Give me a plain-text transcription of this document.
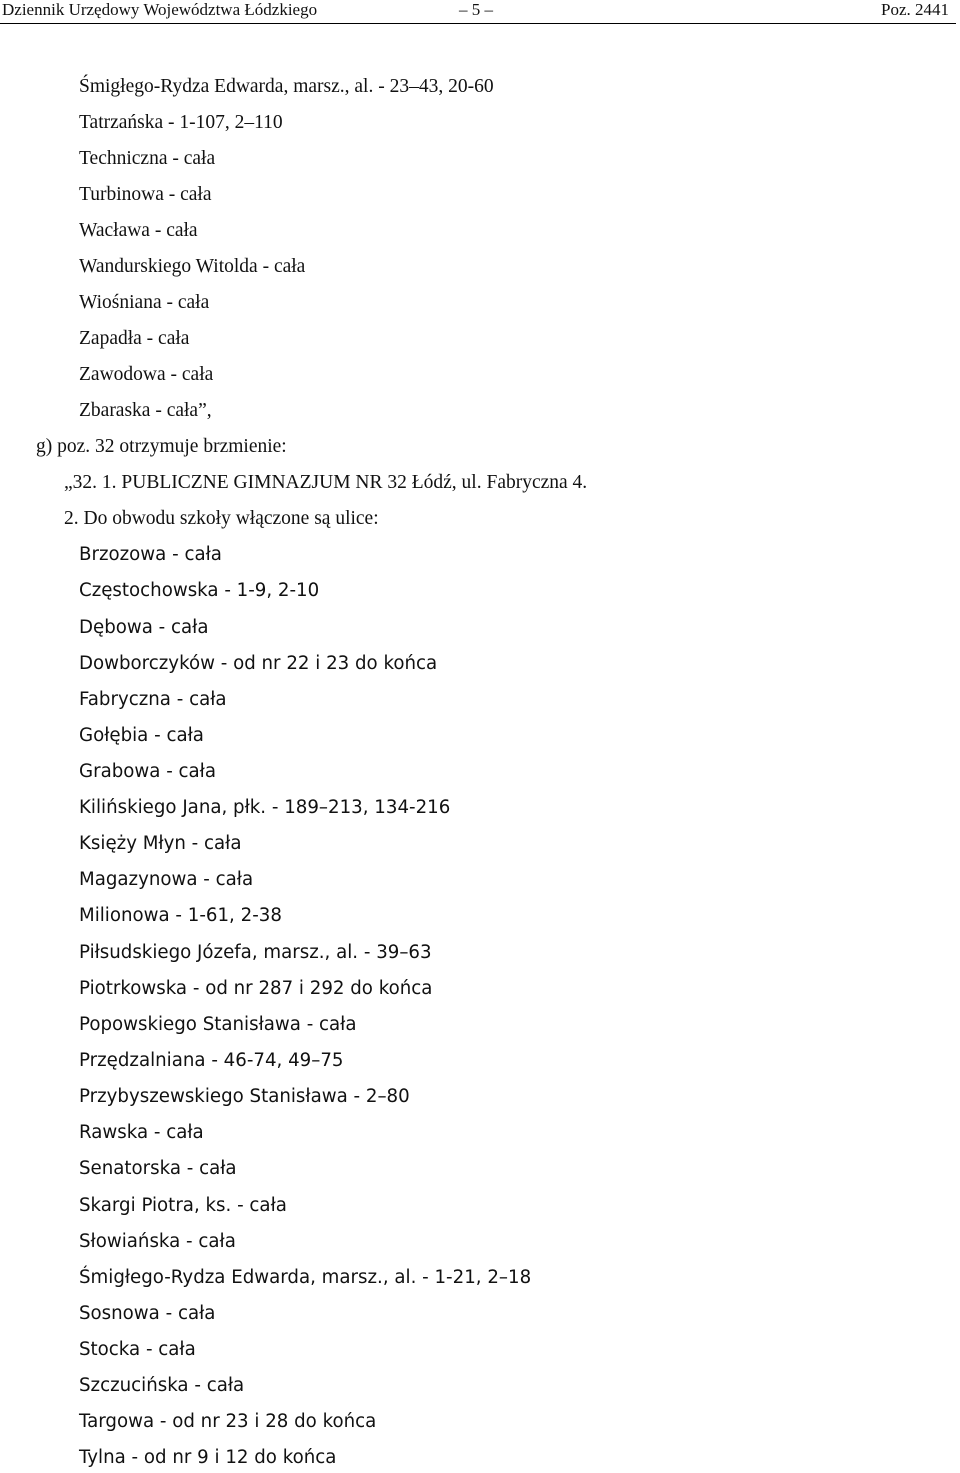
Dziennik Urzędowy Województwa Łódzkiego	– 5 –	Poz. 2441
Śmigłego-Rydza Edwarda, marsz., al. - 23–43, 20-60
Tatrzańska - 1-107, 2–110
Techniczna - cała
Turbinowa - cała
Wacława - cała
Wandurskiego Witolda - cała
Wiośniana - cała
Zapadła - cała
Zawodowa - cała
Zbaraska - cała”,
g) poz. 32 otrzymuje brzmienie:
„32. 1. PUBLICZNE GIMNAZJUM NR 32 Łódź, ul. Fabryczna 4.
2. Do obwodu szkoły włączone są ulice:
Brzozowa - cała
Częstochowska - 1-9, 2-10
Dębowa - cała
Dowborczyków - od nr 22 i 23 do końca
Fabryczna - cała
Gołębia - cała
Grabowa - cała
Kilińskiego Jana, płk. - 189–213, 134-216
Księży Młyn - cała
Magazynowa - cała
Milionowa - 1-61, 2-38
Piłsudskiego Józefa, marsz., al. - 39–63
Piotrkowska - od nr 287 i 292 do końca
Popowskiego Stanisława - cała
Przędzalniana - 46-74, 49–75
Przybyszewskiego Stanisława - 2–80
Rawska - cała
Senatorska - cała
Skargi Piotra, ks. - cała
Słowiańska - cała
Śmigłego-Rydza Edwarda, marsz., al. - 1-21, 2–18
Sosnowa - cała
Stocka - cała
Szczucińska - cała
Targowa - od nr 23 i 28 do końca
Tylna - od nr 9 i 12 do końca
